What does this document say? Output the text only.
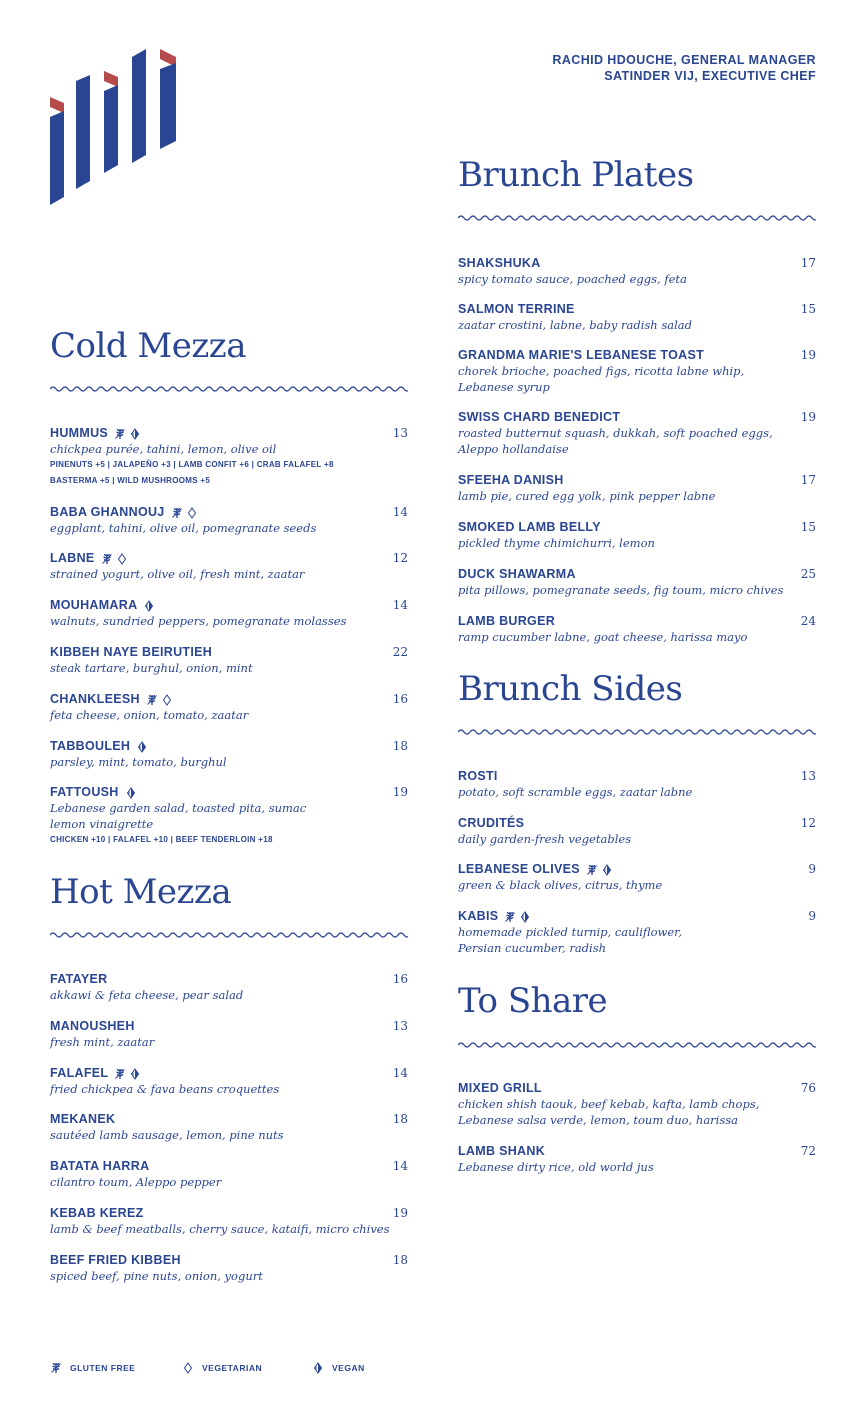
RACHID HDOUCHE, GENERAL MANAGER
SATINDER VIJ, EXECUTIVE CHEF
Cold Mezza
HUMMUS
chickpea purée, tahini, lemon, olive oil
PINENUTS +5 | JALAPEÑO +3 | LAMB CONFIT +6 | CRAB FALAFEL +8
BASTERMA +5 | WILD MUSHROOMS +5
13
BABA GHANNOUJ
eggplant, tahini, olive oil, pomegranate seeds
14
LABNE
strained yogurt, olive oil, fresh mint, zaatar
12
MOUHAMARA
walnuts, sundried peppers, pomegranate molasses
14
KIBBEH NAYE BEIRUTIEH
steak tartare, burghul, onion, mint
22
CHANKLEESH
feta cheese, onion, tomato, zaatar
16
TABBOULEH
parsley, mint, tomato, burghul
18
FATTOUSH
Lebanese garden salad, toasted pita, sumac
lemon vinaigrette
CHICKEN +10 | FALAFEL +10 | BEEF TENDERLOIN +18
19
Hot Mezza
FATAYER
akkawi & feta cheese, pear salad
16
MANOUSHEH
fresh mint, zaatar
13
FALAFEL
fried chickpea & fava beans croquettes
14
MEKANEK
sautéed lamb sausage, lemon, pine nuts
18
BATATA HARRA
cilantro toum, Aleppo pepper
14
KEBAB KEREZ
lamb & beef meatballs, cherry sauce, kataifi, micro chives
19
BEEF FRIED KIBBEH
spiced beef, pine nuts, onion, yogurt
18
Brunch Plates
SHAKSHUKA
spicy tomato sauce, poached eggs, feta
17
SALMON TERRINE
zaatar crostini, labne, baby radish salad
15
GRANDMA MARIE'S LEBANESE TOAST
chorek brioche, poached figs, ricotta labne whip,
Lebanese syrup
19
SWISS CHARD BENEDICT
roasted butternut squash, dukkah, soft poached eggs,
Aleppo hollandaise
19
SFEEHA DANISH
lamb pie, cured egg yolk, pink pepper labne
17
SMOKED LAMB BELLY
pickled thyme chimichurri, lemon
15
DUCK SHAWARMA
pita pillows, pomegranate seeds, fig toum, micro chives
25
LAMB BURGER
ramp cucumber labne, goat cheese, harissa mayo
24
Brunch Sides
ROSTI
potato, soft scramble eggs, zaatar labne
13
CRUDITÉS
daily garden-fresh vegetables
12
LEBANESE OLIVES
green & black olives, citrus, thyme
9
KABIS
homemade pickled turnip, cauliflower,
Persian cucumber, radish
9
To Share
MIXED GRILL
chicken shish taouk, beef kebab, kafta, lamb chops,
Lebanese salsa verde, lemon, toum duo, harissa
76
LAMB SHANK
Lebanese dirty rice, old world jus
72
GLUTEN FREE	VEGETARIAN	VEGAN
